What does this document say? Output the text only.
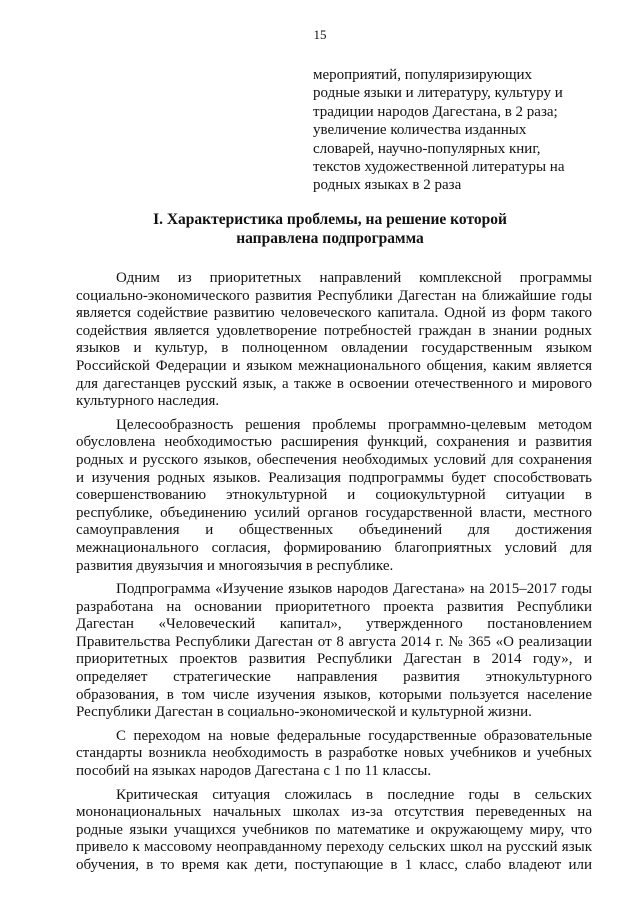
15
мероприятий, популяризирующих
родные языки и литературу, культуру и
традиции народов Дагестана, в 2 раза;
увеличение количества изданных
словарей, научно-популярных книг,
текстов художественной литературы на
родных языках в 2 раза
I. Характеристика проблемы, на решение которой
направлена подпрограмма
Одним из приоритетных направлений комплексной программы
социально-экономического развития Республики Дагестан на ближайшие годы
является содействие развитию человеческого капитала. Одной из форм такого
содействия является удовлетворение потребностей граждан в знании родных
языков и культур, в полноценном овладении государственным языком
Российской Федерации и языком межнационального общения, каким является
для дагестанцев русский язык, а также в освоении отечественного и мирового
культурного наследия.
Целесообразность решения проблемы программно-целевым методом
обусловлена необходимостью расширения функций, сохранения и развития
родных и русского языков, обеспечения необходимых условий для сохранения
и изучения родных языков. Реализация подпрограммы будет способствовать
совершенствованию этнокультурной и социокультурной ситуации в
республике, объединению усилий органов государственной власти, местного
самоуправления и общественных объединений для достижения
межнационального согласия, формированию благоприятных условий для
развития двуязычия и многоязычия в республике.
Подпрограмма «Изучение языков народов Дагестана» на 2015–2017 годы
разработана на основании приоритетного проекта развития Республики
Дагестан «Человеческий капитал», утвержденного постановлением
Правительства Республики Дагестан от 8 августа 2014 г. № 365 «О реализации
приоритетных проектов развития Республики Дагестан в 2014 году», и
определяет стратегические направления развития этнокультурного
образования, в том числе изучения языков, которыми пользуется население
Республики Дагестан в социально-экономической и культурной жизни.
С переходом на новые федеральные государственные образовательные
стандарты возникла необходимость в разработке новых учебников и учебных
пособий на языках народов Дагестана с 1 по 11 классы.
Критическая ситуация сложилась в последние годы в сельских
мононациональных начальных школах из-за отсутствия переведенных на
родные языки учащихся учебников по математике и окружающему миру, что
привело к массовому неоправданному переходу сельских школ на русский язык
обучения, в то время как дети, поступающие в 1 класс, слабо владеют или
